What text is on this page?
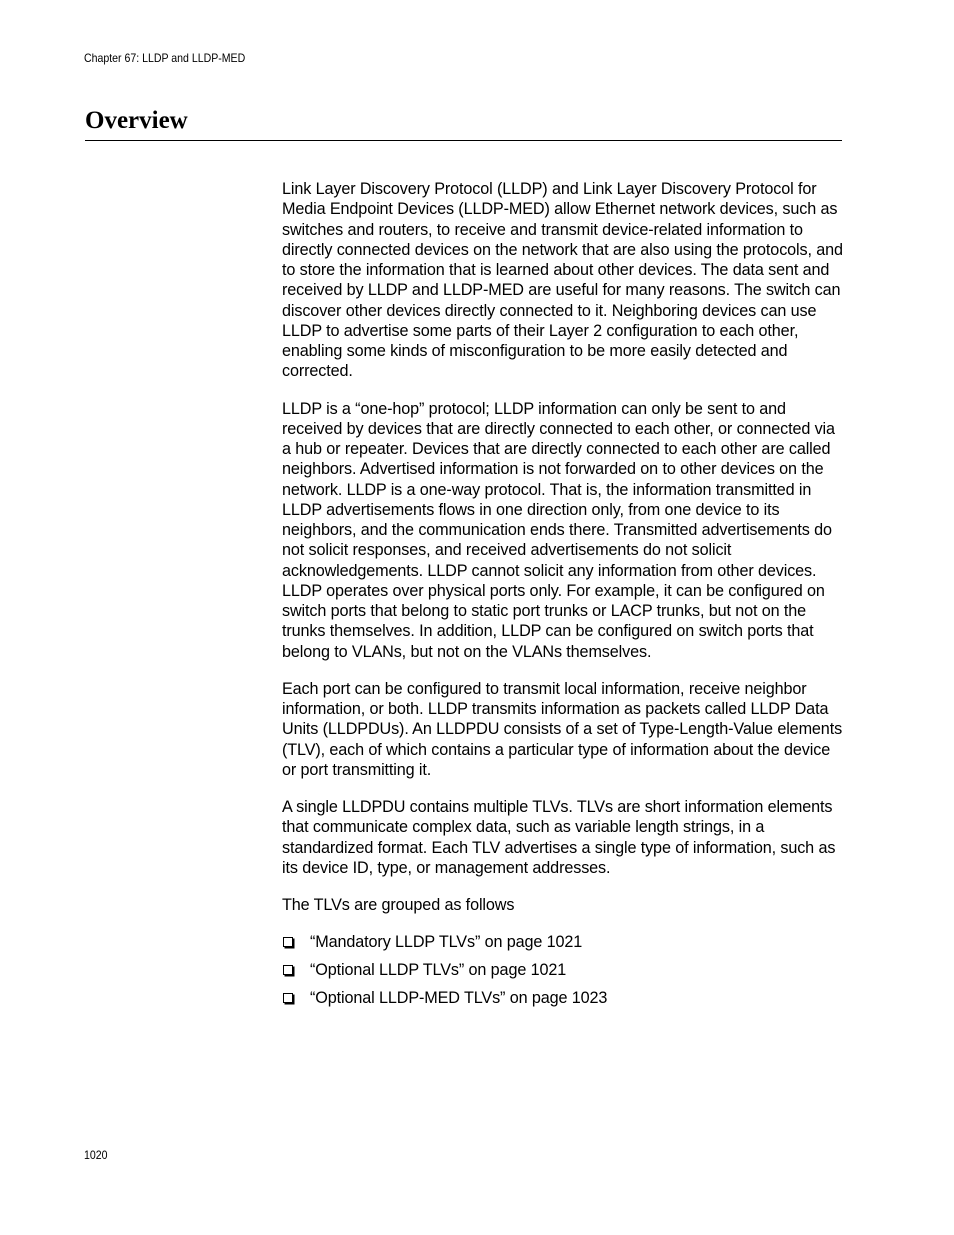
Chapter 67: LLDP and LLDP-MED
Overview

Link Layer Discovery Protocol (LLDP) and Link Layer Discovery Protocol for Media Endpoint Devices (LLDP-MED) allow Ethernet network devices, such as switches and routers, to receive and transmit device-related information to directly connected devices on the network that are also using the protocols, and to store the information that is learned about other devices. The data sent and received by LLDP and LLDP-MED are useful for many reasons. The switch can discover other devices directly connected to it. Neighboring devices can use LLDP to advertise some parts of their Layer 2 configuration to each other, enabling some kinds of misconfiguration to be more easily detected and corrected.

LLDP is a “one-hop” protocol; LLDP information can only be sent to and received by devices that are directly connected to each other, or connected via a hub or repeater. Devices that are directly connected to each other are called neighbors. Advertised information is not forwarded on to other devices on the network. LLDP is a one-way protocol. That is, the information transmitted in LLDP advertisements flows in one direction only, from one device to its neighbors, and the communication ends there. Transmitted advertisements do not solicit responses, and received advertisements do not solicit acknowledgements. LLDP cannot solicit any information from other devices. LLDP operates over physical ports only. For example, it can be configured on switch ports that belong to static port trunks or LACP trunks, but not on the trunks themselves. In addition, LLDP can be configured on switch ports that belong to VLANs, but not on the VLANs themselves.

Each port can be configured to transmit local information, receive neighbor information, or both. LLDP transmits information as packets called LLDP Data Units (LLDPDUs). An LLDPDU consists of a set of Type-Length-Value elements (TLV), each of which contains a particular type of information about the device or port transmitting it.

A single LLDPDU contains multiple TLVs. TLVs are short information elements that communicate complex data, such as variable length strings, in a standardized format. Each TLV advertises a single type of information, such as its device ID, type, or management addresses.

The TLVs are grouped as follows

“Mandatory LLDP TLVs” on page 1021
“Optional LLDP TLVs” on page 1021
“Optional LLDP-MED TLVs” on page 1023
1020
